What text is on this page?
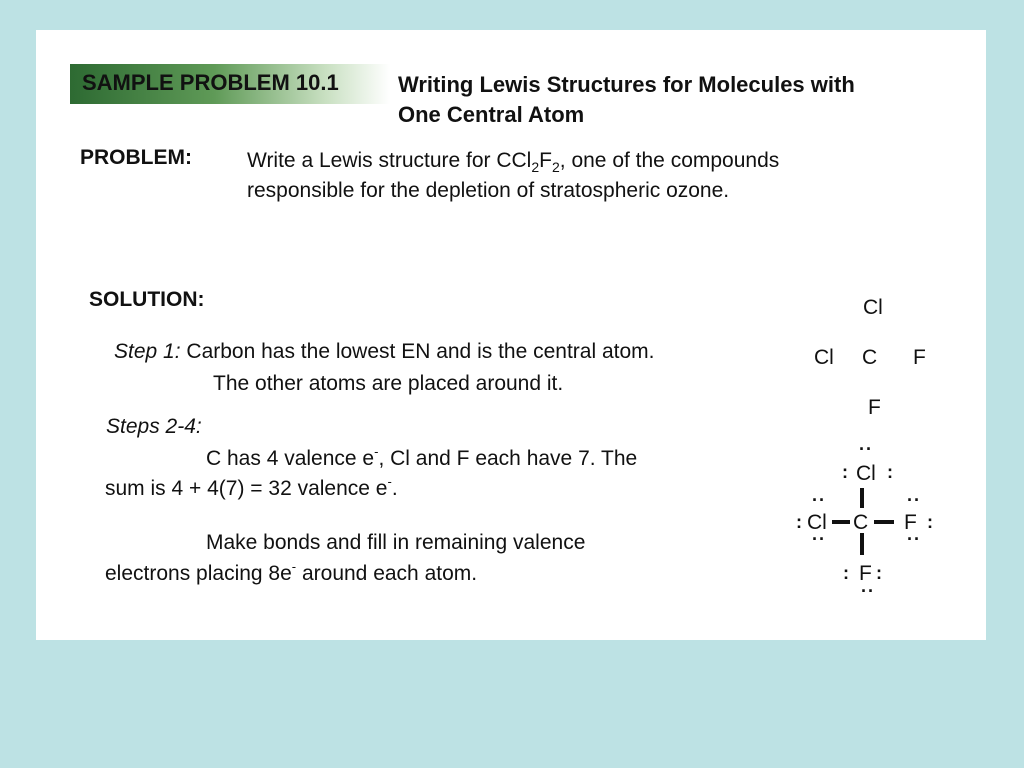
SAMPLE PROBLEM 10.1	Writing Lewis Structures for Molecules with
One Central Atom
PROBLEM:	Write a Lewis structure for $CCl_2F_2$, one of the compounds
responsible for the depletion of stratospheric ozone.
SOLUTION:
Step 1: Carbon has the lowest EN and is the central atom.
The other atoms are placed around it.
Steps 2-4:
C has 4 valence e-, Cl and F each have 7. The
sum is 4 + 4(7) = 32 valence e-.
Make bonds and fill in remaining valence
electrons placing 8e- around each atom.
Cl
Cl C F
F
Cl
Cl C F
F
··
: :
··
··
:
··
··
:
: :
··
